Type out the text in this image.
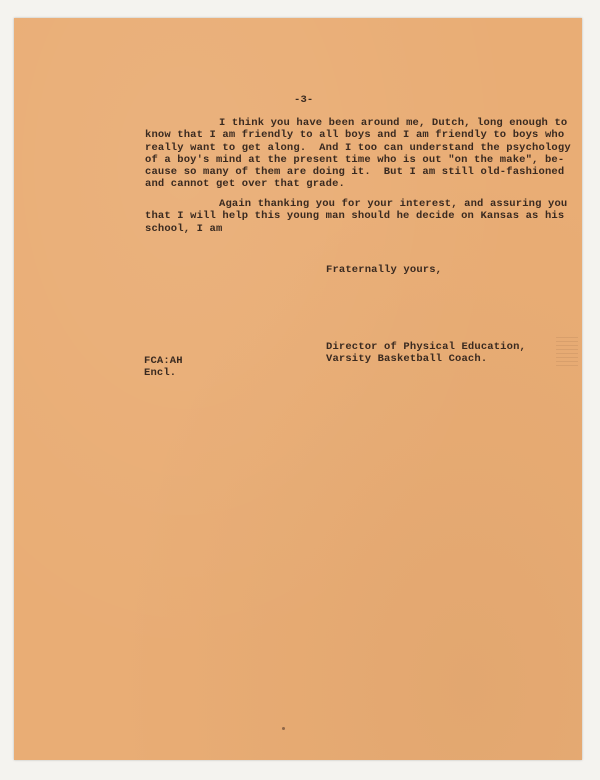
-3-
I think you have been around me, Dutch, long enough to
know that I am friendly to all boys and I am friendly to boys who
really want to get along.  And I too can understand the psychology
of a boy's mind at the present time who is out "on the make", be-
cause so many of them are doing it.  But I am still old-fashioned
and cannot get over that grade.
Again thanking you for your interest, and assuring you
that I will help this young man should he decide on Kansas as his
school, I am
Fraternally yours,
Director of Physical Education,
Varsity Basketball Coach.
FCA:AH
Encl.
